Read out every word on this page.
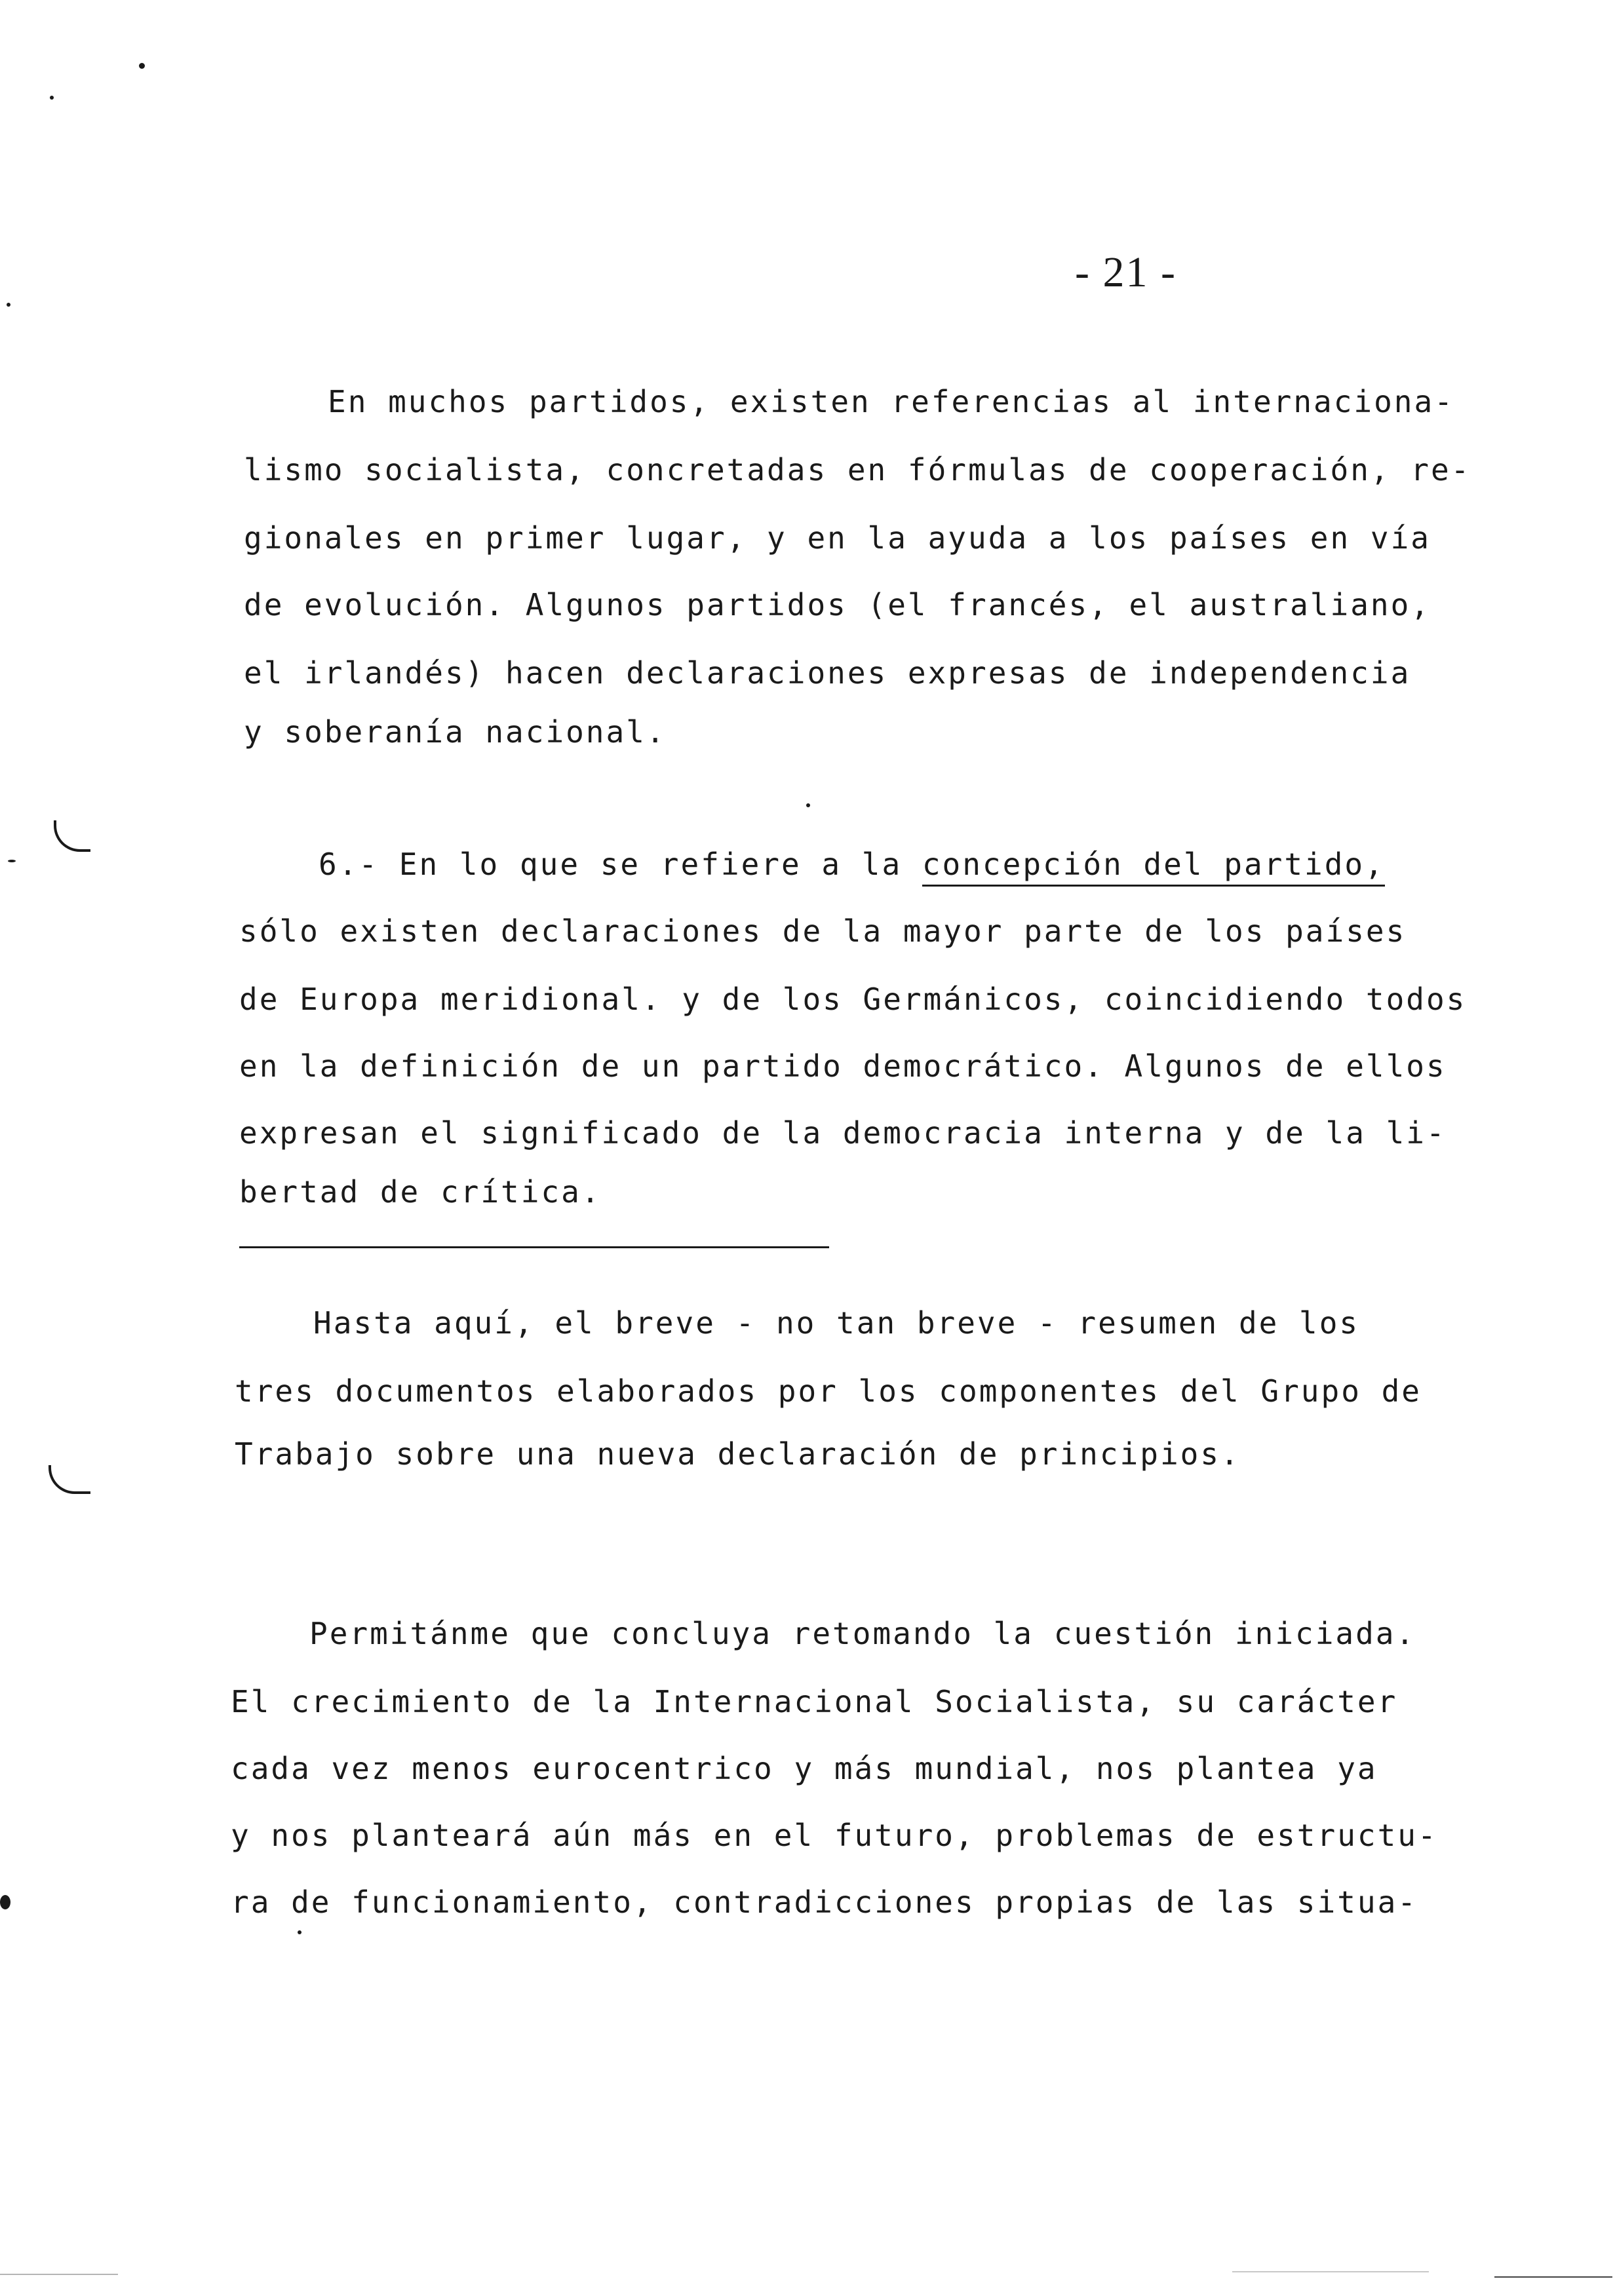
- 21 -
En muchos partidos, existen referencias al internaciona-
lismo socialista, concretadas en fórmulas de cooperación, re-
gionales en primer lugar, y en la ayuda a los países en vía
de evolución. Algunos partidos (el francés, el australiano,
el irlandés) hacen declaraciones expresas de independencia
y soberanía nacional.
6.- En lo que se refiere a la concepción del partido,
sólo existen declaraciones de la mayor parte de los países
de Europa meridional. y de los Germánicos, coincidiendo todos
en la definición de un partido democrático. Algunos de ellos
expresan el significado de la democracia interna y de la li-
bertad de crítica.
Hasta aquí, el breve - no tan breve - resumen de los
tres documentos elaborados por los componentes del Grupo de
Trabajo sobre una nueva declaración de principios.
Permitánme que concluya retomando la cuestión iniciada.
El crecimiento de la Internacional Socialista, su carácter
cada vez menos eurocentrico y más mundial, nos plantea ya
y nos planteará aún más en el futuro, problemas de estructu-
ra de funcionamiento, contradicciones propias de las situa-
